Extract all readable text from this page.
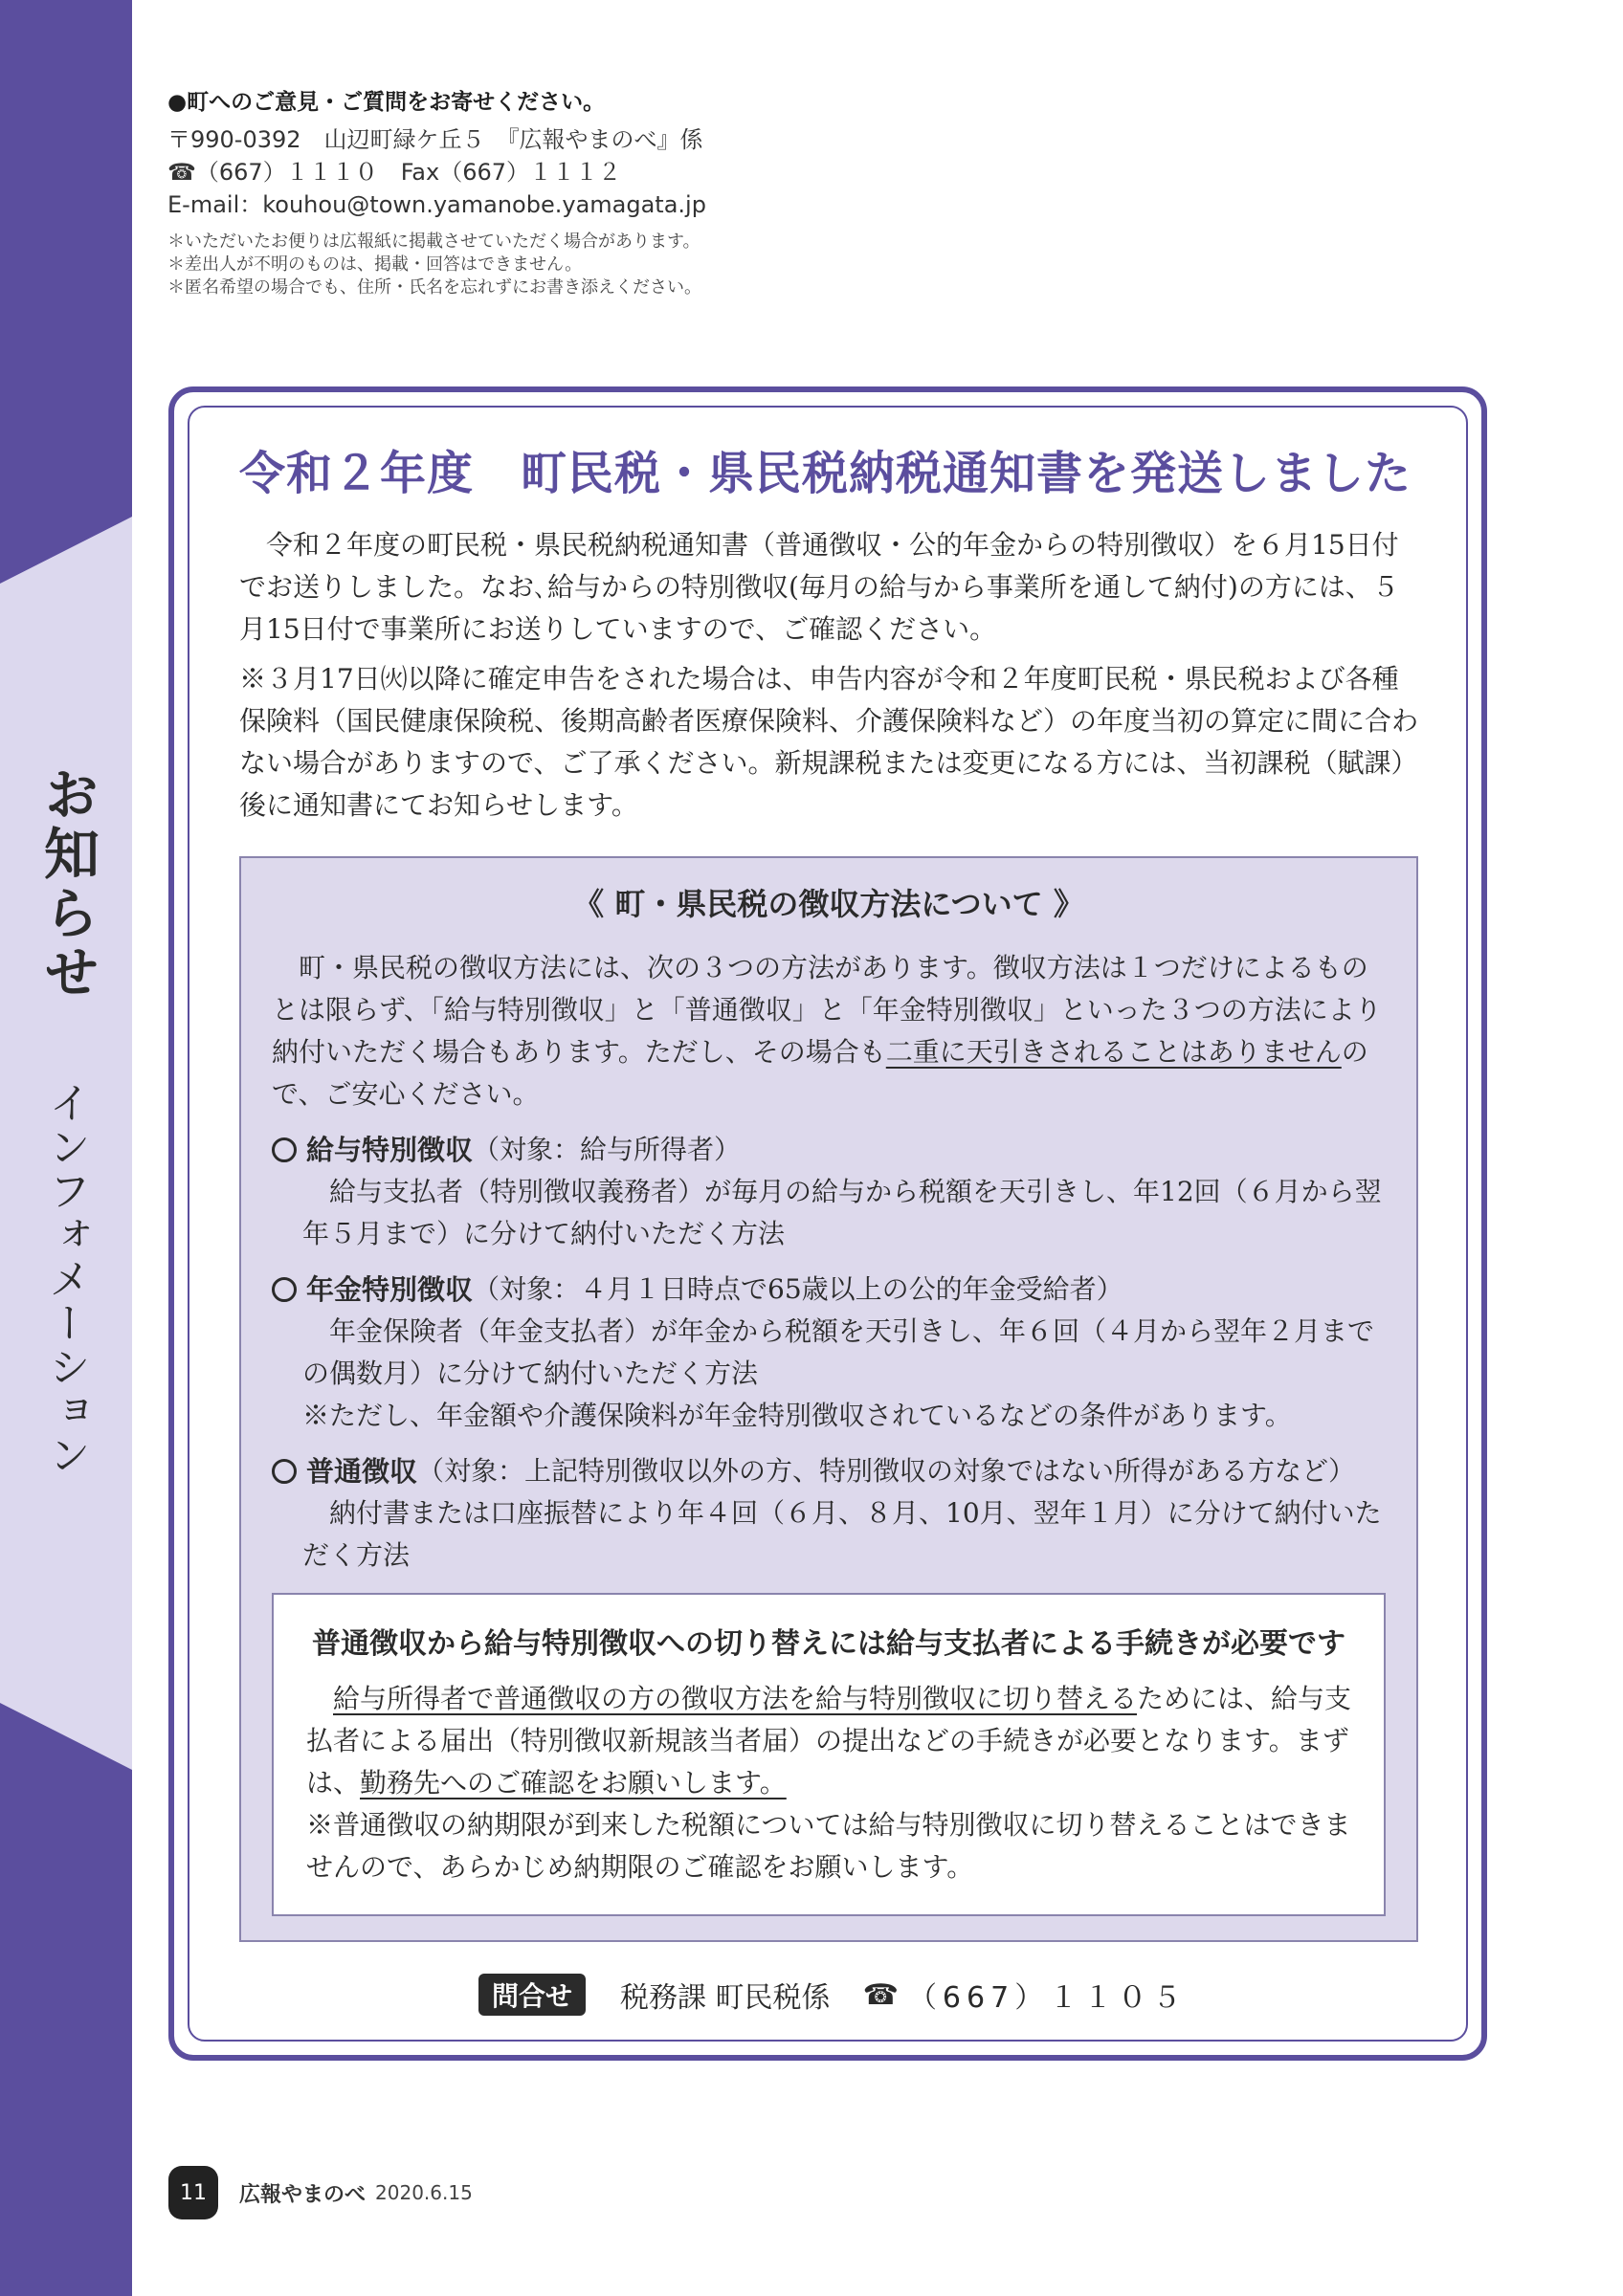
お知らせ
インフォメーション
●町へのご意見・ご質問をお寄せください。
〒990-0392　山辺町緑ケ丘５　『広報やまのべ』係
☎（667）１１１０　Fax（667）１１１２
E-mail：kouhou@town.yamanobe.yamagata.jp
＊いただいたお便りは広報紙に掲載させていただく場合があります。
＊差出人が不明のものは、掲載・回答はできません。
＊匿名希望の場合でも、住所・氏名を忘れずにお書き添えください。
令和２年度　町民税・県民税納税通知書を発送しました

令和２年度の町民税・県民税納税通知書（普通徴収・公的年金からの特別徴収）を６月15日付でお送りしました。なお､給与からの特別徴収(毎月の給与から事業所を通して納付)の方には、５月15日付で事業所にお送りしていますので、ご確認ください。

※３月17日㈫以降に確定申告をされた場合は、申告内容が令和２年度町民税・県民税および各種保険料（国民健康保険税、後期高齢者医療保険料、介護保険料など）の年度当初の算定に間に合わない場合がありますので、ご了承ください。新規課税または変更になる方には、当初課税（賦課）後に通知書にてお知らせします。

《 町・県民税の徴収方法について 》

町・県民税の徴収方法には、次の３つの方法があります。徴収方法は１つだけによるものとは限らず、「給与特別徴収」と「普通徴収」と「年金特別徴収」といった３つの方法により納付いただく場合もあります。ただし、その場合も二重に天引きされることはありませんので、ご安心ください。

給与特別徴収 （対象：給与所得者）

給与支払者（特別徴収義務者）が毎月の給与から税額を天引きし、年12回（６月から翌年５月まで）に分けて納付いただく方法

年金特別徴収 （対象：４月１日時点で65歳以上の公的年金受給者）

年金保険者（年金支払者）が年金から税額を天引きし、年６回（４月から翌年２月までの偶数月）に分けて納付いただく方法

※ただし、年金額や介護保険料が年金特別徴収されているなどの条件があります。

普通徴収 （対象：上記特別徴収以外の方、特別徴収の対象ではない所得がある方など）

納付書または口座振替により年４回（６月、８月、10月、翌年１月）に分けて納付いただく方法

普通徴収から給与特別徴収への切り替えには給与支払者による手続きが必要です

給与所得者で普通徴収の方の徴収方法を給与特別徴収に切り替えるためには、給与支払者による届出（特別徴収新規該当者届）の提出などの手続きが必要となります。まずは、勤務先へのご確認をお願いします。

※普通徴収の納期限が到来した税額については給与特別徴収に切り替えることはできませんので、あらかじめ納期限のご確認をお願いします。

問合せ	税務課 町民税係 ☎ （667）１１０５
11	広報やまのべ 2020.6.15
